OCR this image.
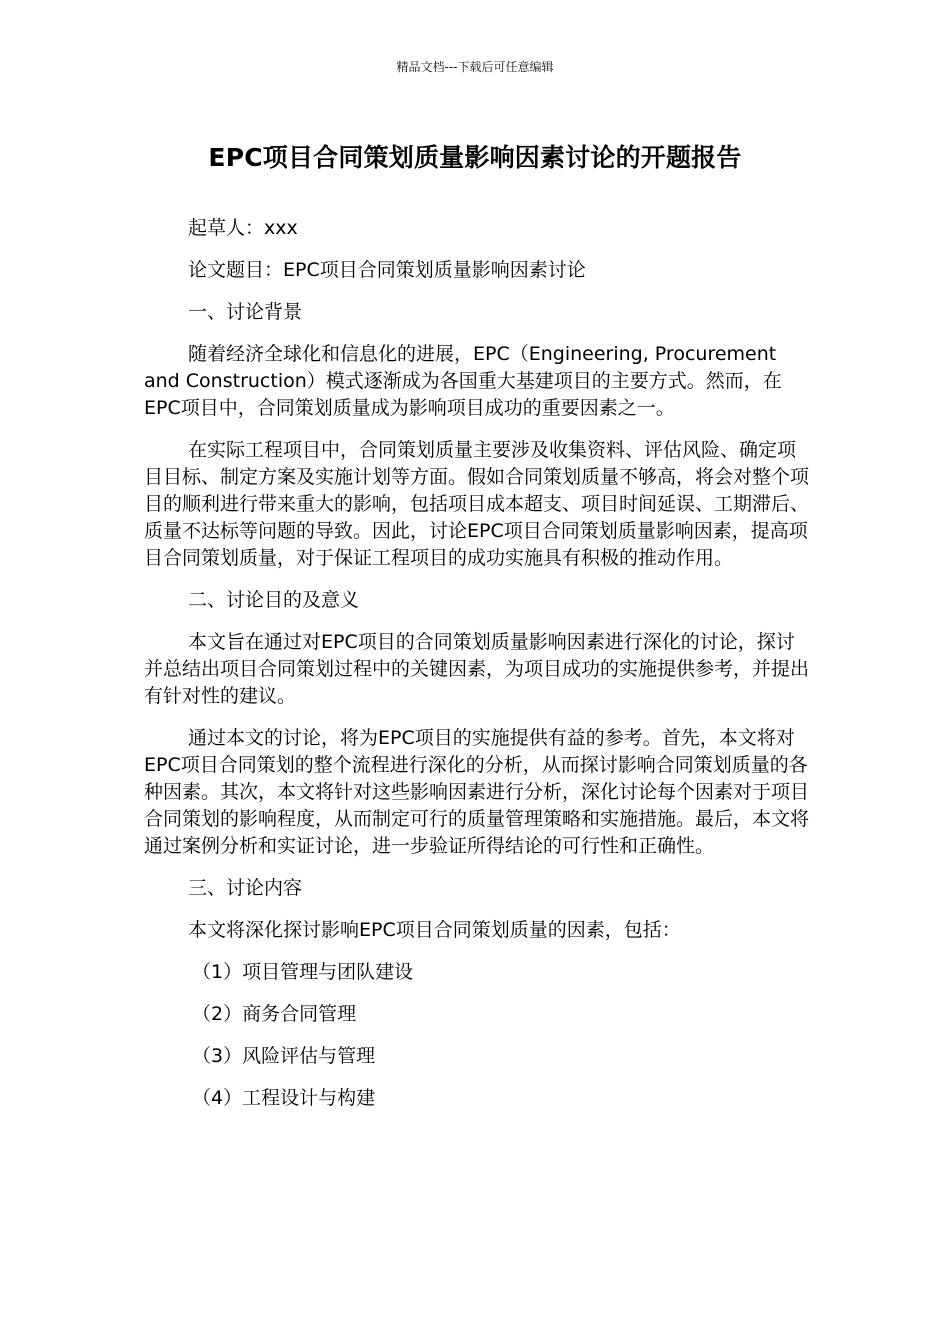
精品文档---下载后可任意编辑
EPC项目合同策划质量影响因素讨论的开题报告

起草人：xxx

论文题目：EPC项目合同策划质量影响因素讨论

一、讨论背景

随着经济全球化和信息化的进展，EPC（Engineering, Procurement and Construction）模式逐渐成为各国重大基建项目的主要方式。然而，在EPC项目中，合同策划质量成为影响项目成功的重要因素之一。

在实际工程项目中，合同策划质量主要涉及收集资料、评估风险、确定项目目标、制定方案及实施计划等方面。假如合同策划质量不够高，将会对整个项目的顺利进行带来重大的影响，包括项目成本超支、项目时间延误、工期滞后、质量不达标等问题的导致。因此，讨论EPC项目合同策划质量影响因素，提高项目合同策划质量，对于保证工程项目的成功实施具有积极的推动作用。

二、讨论目的及意义

本文旨在通过对EPC项目的合同策划质量影响因素进行深化的讨论，探讨并总结出项目合同策划过程中的关键因素，为项目成功的实施提供参考，并提出有针对性的建议。

通过本文的讨论，将为EPC项目的实施提供有益的参考。首先，本文将对EPC项目合同策划的整个流程进行深化的分析，从而探讨影响合同策划质量的各种因素。其次，本文将针对这些影响因素进行分析，深化讨论每个因素对于项目合同策划的影响程度，从而制定可行的质量管理策略和实施措施。最后，本文将通过案例分析和实证讨论，进一步验证所得结论的可行性和正确性。

三、讨论内容

本文将深化探讨影响EPC项目合同策划质量的因素，包括：

（1）项目管理与团队建设

（2）商务合同管理

（3）风险评估与管理

（4）工程设计与构建
